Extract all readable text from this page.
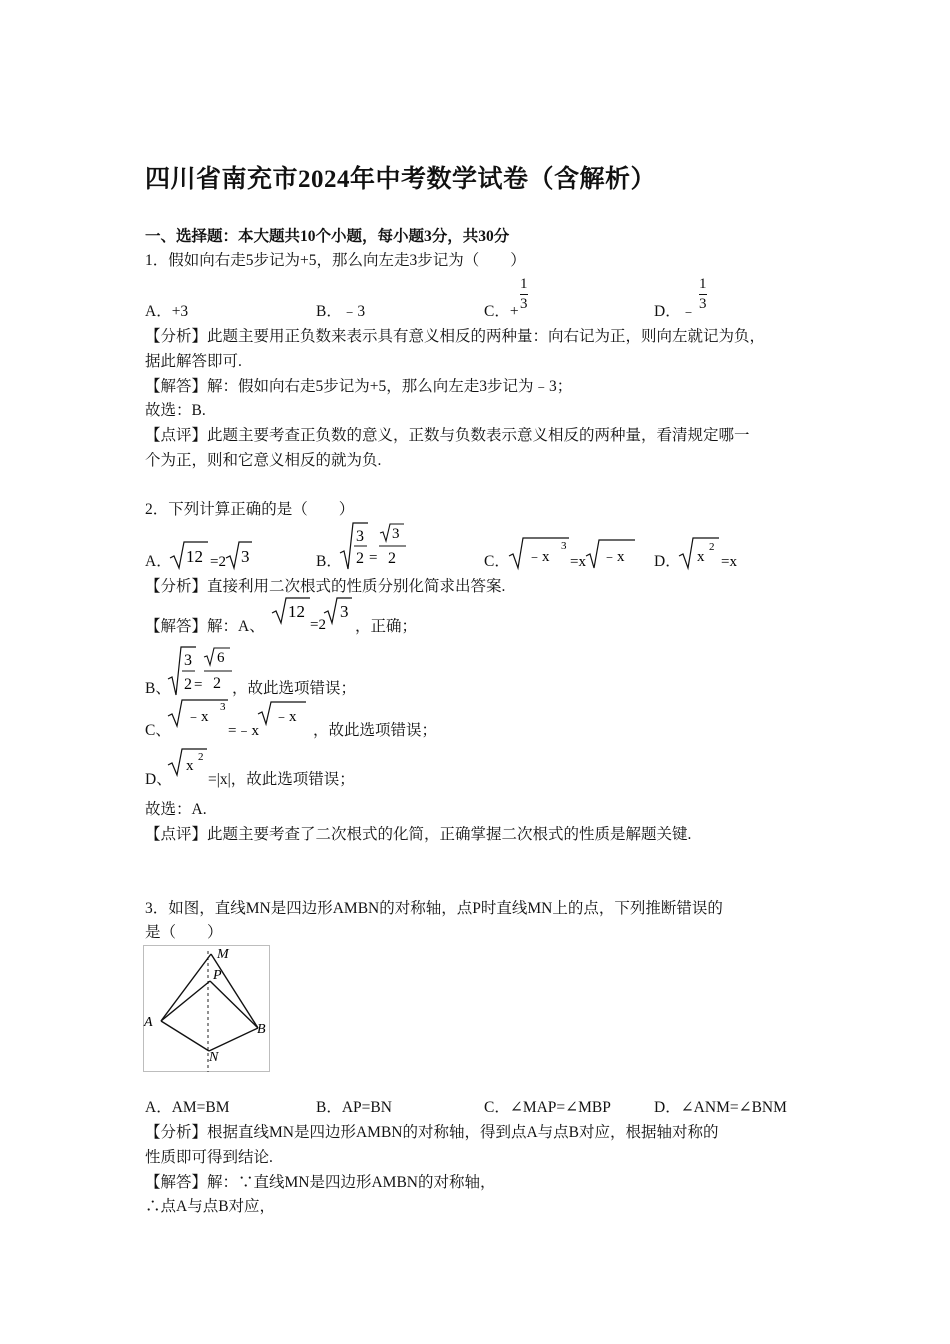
四川省南充市2024年中考数学试卷（含解析）
一、选择题：本大题共10个小题，每小题3分，共30分
1．假如向右走5步记为+5，那么向左走3步记为（　　）
A．+3	B．﹣3	C．+
1
3	D．﹣
1
3
【分析】此题主要用正负数来表示具有意义相反的两种量：向右记为正，则向左就记为负，
据此解答即可.
【解答】解：假如向右走5步记为+5，那么向左走3步记为﹣3；
故选：B.
【点评】此题主要考查正负数的意义，正数与负数表示意义相反的两种量，看清规定哪一
个为正，则和它意义相反的就为负.
2．下列计算正确的是（　　）
A． 12 =2 3	B．
3
2 =
3
2	C． ﹣x
3
=x ﹣x D． x
2
=x
【分析】直接利用二次根式的性质分别化简求出答案.
【解答】解：A、
12
=2
3
，正确；
B、
3
2 =
6
2 ，故此选项错误；
C、
﹣x
3
=﹣x
﹣x
，故此选项错误；
D、
x
2
=|x|，故此选项错误；
故选：A.
【点评】此题主要考查了二次根式的化简，正确掌握二次根式的性质是解题关键.
3．如图，直线MN是四边形AMBN的对称轴，点P时直线MN上的点，下列推断错误的
是（　　）
M
P
A	B
N
A．AM=BM	B．AP=BN	C．∠MAP=∠MBP	D．∠ANM=∠BNM
【分析】根据直线MN是四边形AMBN的对称轴，得到点A与点B对应，根据轴对称的
性质即可得到结论.
【解答】解：∵直线MN是四边形AMBN的对称轴，
∴点A与点B对应，
